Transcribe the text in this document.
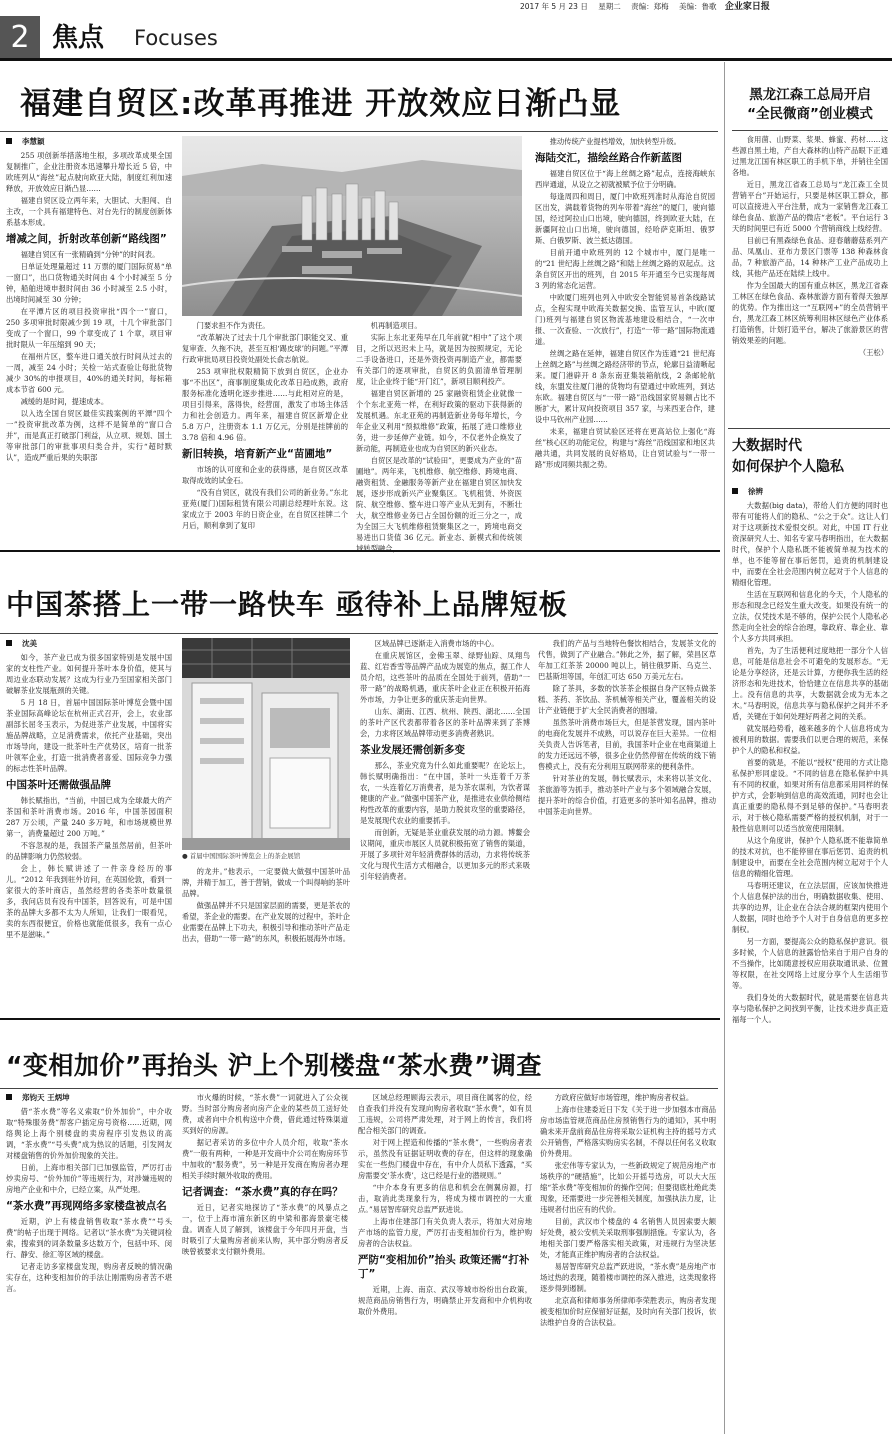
2017 年 5 月 23 日 星期二 责编：郑梅 美编：鲁歌 企业家日报
2 焦点	Focuses
福建自贸区:改革再推进 开放效应日渐凸显
李慧颖
255 项创新举措落地生根，多项改革成果全国复制推广，企业注册资本迅速攀升增长近 5 倍，中欧班列从“海丝”起点驶向欧亚大陆，制度红利加速释放，开放效应日渐凸显……
福建自贸区设立两年来，大胆试、大胆闯、自主改，一个具有福建特色、对台先行的制度创新体系基本形成。
增减之间，折射改革创新“路线图”
福建自贸区有一张精确到“分钟”的时间表。
日单证处理量超过 11 万票的厦门国际贸易“单一窗口”，出口货物通关时间由 4 个小时减至 5 分钟，船舶进境申报时间由 36 小时减至 2.5 小时，出境时间减至 30 分钟；
在平潭片区的项目投资审批“四个一”窗口，250 多项审批时限减少到 19 项，十几个审批部门变成了一个窗口，99 个章变成了 1 个章，项目审批时限从一年压缩到 90 天；
在福州片区，整车进口通关放行时间从过去的一周，减至 24 小时；关检一站式查验让每批货物减少 30%的申报项目，40%的通关时间，每标箱成本节省 600 元。
减缓的是时间，提速成本。
以入选全国自贸区最佳实践案例的平潭“四个一”投资审批改革为例，这样不是简单的“窗口合并”，而是真正打破部门利益，从立项、规划、国土等审批部门的审批事项归类合并，实行“超时默认”，造成严重后果的失职部
门要求担不作为责任。
“改革解决了过去十几个审批部门职能交叉、重复审查、久拖不决，甚至互相‘踢皮球’的问题。”平潭行政审批局项目投资处副处长俞志航说。
253 项审批权限精简下放到自贸区，企业办事“不出区”，商事制度集成化改革日趋成熟，政府服务标准化透明化逐步推进……与此相对应的是，项目引得来，落得快，经营面，激发了市场主体活力和社会创造力。两年来，福建自贸区新增企业 5.8 万户，注册资本 1.1 万亿元，分别是挂牌前的 3.78 倍和 4.96 倍。
新旧转换，培育新产业“苗圃地”
市场的认可度和企业的获得感，是自贸区改革取得成效的试金石。
“没有自贸区，就没有我们公司的新业务。”东北亚苑(厦门)国际租赁有限公司副总经理叶东说。这家成立于 2003 年的日资企业，在自贸区挂牌二个月后，顺利拿到了复印
机再制造项目。
实际上东北亚苑早在几年前就“相中”了这个项目，之所以迟迟未上马，就是因为按照规定，无论二手设备进口，还是外资投资再制造产业，都需要有关部门的逐项审批，自贸区的负面清单管理制度，让企业终于能“开门红”，新项目顺利投产。
福建自贸区新增的 25 家融资租赁企业就像一个个东北亚苑一样，在利好政策的驱动下获得新的发展机遇。东北亚苑的再制造新业务每年增长，今年企业又利用“预拟维修”政策，拓展了进口维修业务，进一步延伸产业链。如今，不仅老外企焕发了新动能，再制造业也成为自贸区的新兴业态。
自贸区是改革的“试验田”，更要成为产业的“苗圃地”。两年来，飞机维修、航空维修、跨境电商、融资租赁、金融服务等新产业在福建自贸区加快发展，逐步形成新兴产业聚集区。飞机租赁、外资医院、航空维修、整车进口等产业从无到有，不断壮大，航空维修业务已占全国份额的近三分之一，成为全国三大飞机维修租赁聚集区之一，跨境电商交易进出口货值 36 亿元。新业态、新模式和传统领域转型融合，
推动传统产业提档增效，加快转型升级。
海陆交汇，描绘丝路合作新蓝图
福建自贸区位于“海上丝绸之路”起点，连接海峡东西岸通道，从设立之初就被赋予位于分明确。
每逢周四和周日，厦门中欧班列准时从海沧自贸园区出发，满载着货物的列车带着“海丝”的厦门，驶向德国，经过阿拉山口出境，驶向德国，终到欧亚大陆，在新疆阿拉山口出境，驶向德国，经哈萨克斯坦、俄罗斯、白俄罗斯、波兰抵达德国。
目前开通中欧班列的 12 个城市中，厦门是唯一的“21 世纪海上丝绸之路”和陆上丝绸之路的双起点。这条自贸区开出的班列，自 2015 年开通至今已实现每周 3 列的常态化运营。
中欧厦门班列也列入中欧安全智能贸易首条线路试点，全程实现中欧海关数据交换、监管互认，中欧(厦门)班列与福建自贸区物流基地建设相结合，“一次申报、一次查验、一次放行”，打造“一带一路”国际物流通道。
丝绸之路在延伸，福建自贸区作为连通“21 世纪海上丝绸之路”与丝绸之路经济带的节点，轮廓日益清晰起来。厦门港辟开 8 条东南亚集装箱航线，2 条邮轮航线，东盟发往厦门港的货物均有望通过中欧班列，到达东欧。福建自贸区与“一带一路”沿线国家贸易额占比不断扩大，累计双向投资项目 357 家，与来西亚合作，建设中马钦州产业园……
未来，福建自贸试验区还将在更高站位上强化“海丝”核心区的功能定位，构建与“海丝”沿线国家和地区共融共通，共同发展的良好格局，让自贸试验与“一带一路”形成同频共振之势。
黑龙江森工总局开启
“全民微商”创业模式
食用菌、山野菜、浆果、蜂蜜、药材……这些源自黑土地，产自大森林的山特产品眼下正通过黑龙江国有林区职工的手机下单，并销往全国各地。
近日，黑龙江省森工总局与“龙江森工全员营销平台”开始运行，只要是林区职工群众，都可以直接进入平台注册，成为一家销售龙江森工绿色食品、旅游产品的微店“老板”。平台运行 3 天的时间里已有近 5000 个营销商线上线经营。
目前已有黑森绿色食品、迎春蘑蘑菇系列产品、凤凰山、亚布力景区门票等 138 种森林食品，7 种旅游产品，14 种林产工业产品成功上线，其他产品还在陆续上线中。
作为全国最大的国有重点林区，黑龙江省森工林区在绿色食品、森林旅游方面有着得天独厚的优势。作为推出这一“互联网+”的全员营销平台，黑龙江森工林区统筹利用林区绿色产业体系打造销售，计划打造平台，解决了旅游景区的营销效果差的问题。
（王松）
大数据时代
如何保护个人隐私
徐辨
大数据(big data)，带给人们方便的同时也带有可能将人们的隐私、“公之于众”。这让人们对于这项新技术爱恨交织。对此，中国 IT 行业资深研究人士、知名专家马春明指出，在大数据时代，保护个人隐私既不能被简单视为技术的单，也不能等留在事后惩罚，追责的机制建设中，而要在全社会范围内树立起对于个人信息的精细化管理。
生活在互联网和信息化的今天，个人隐私的形态和现念已经发生重大改变。如果没有统一的立法，仅凭技术是不够的，保护公民个人隐私必然走向全社会的综合治理，靠政府、靠企业、靠个人多方共同承担。
首先，为了生活便利过度地把一部分个人信息，可能是信息社会不可避免的发展形态。“无论是分享经济，还是云计算，方便你我生活的经济形态和先进技术，恰恰建立在信息共享的基础上。没有信息的共享，大数据就会成为无本之木。”马春明说，信息共享与隐私保护之间并不矛盾，关键在于如何处理好两者之间的关系。
就发展趋势看，越来越多的个人信息将成为被利用的数据。需要我们以更合理的规范，来保护个人的隐私和权益。
首要的就是，不能以“授权”使用的方式让隐私保护形同虚设。“不同的信息在隐私保护中具有不同的权重，如果对所有信息都采用同样的保护方式，会影响到信息的高效流通，同时也会让真正重要的隐私得不到足够的保护。”马春明表示，对于核心隐私需要严格的授权机制，对于一般性信息则可以适当放宽使用限制。
从这个角度讲，保护个人隐私既不能靠简单的技术对抗，也不能停留在事后惩罚、追责的机制建设中，而要在全社会范围内树立起对于个人信息的精细化管理。
马春明还建议，在立法层面，应该加快推进个人信息保护法的出台，明确数据收集、使用、共享的边界，让企业在合法合规的框架内使用个人数据，同时也给予个人对于自身信息的更多控制权。
另一方面，要提高公众的隐私保护意识。很多时候，个人信息的泄露恰恰来自于用户自身的不当操作，比如随意授权应用获取通讯录、位置等权限，在社交网络上过度分享个人生活细节等。
我们身处的大数据时代，就是需要在信息共享与隐私保护之间找到平衡，让技术进步真正造福每一个人。
中国茶搭上一带一路快车 亟待补上品牌短板
沈美
如今，茶产业已成为很多国家特别是发展中国家的支柱性产业。如何提升茶叶本身价值，使其与周边业态联动发展？这成为行业乃至国家相关部门破解茶业发展瓶颈的关键。
5 月 18 日，首届中国国际茶叶博览会暨中国茶业国际高峰论坛在杭州正式召开，会上，农业部副部长屈冬玉表示，为促进茶产业发展，中国将实施品牌战略，立足消费需求，依托产业基础，突出市场导向，建设一批茶叶生产优势区，培育一批茶叶领军企业，打造一批消费者喜爱、国际竞争力强的标志性茶叶品牌。
中国茶叶还需做强品牌
韩长赋指出，“当前，中国已成为全球最大的产茶国和茶叶消费市场。2016 年，中国茶园面积 287 万公顷，产量 240 多万吨，和市场规模世界第一，消费量超过 200 万吨。”
不容忽视的是，我国茶产量虽然居前，但茶叶的品牌影响力仍然较弱。
会上，韩长赋讲述了一件亲身经历的事儿。“2012 年我到驻外访问，在英国伦敦，看到一家很大的茶叶商店，虽然经营的各类茶叶数量很多，我问店员有没有中国茶，回答说有，可是中国茶的品牌大多都不太为人所知，让我们一眼看见，卖的东西很便宜，价格也就能低很多，我有一点心里不是滋味。”
● 首届中国国际茶叶博览会上的茶企展馆
的龙井。”他表示，一定要做大做强中国茶叶品牌，并精于加工，善于营销，做成一个叫得响的茶叶品牌。
做强品牌并不只是国家层面的需要，更是茶农的希望，茶企业的需要。在产业发展的过程中，茶叶企业需要在品牌上下功夫，积极引导和推动茶叶产品走出去，借助“一带一路”的东风，积极拓展海外市场。
区域品牌已逐渐走入消费市场的中心。
在重庆展馆区，金佛玉翠、绿野仙踪、凤翔鸟蓝、红岩香雪等品牌产品成为展览的焦点，据工作人员介绍，这些茶叶的品质在全国处于前列，借助“一带一路”的战略机遇，重庆茶叶企业正在积极开拓海外市场，力争让更多的重庆茶走向世界。
山东、湖南、江西、杭州、陕西、湖北……全国的茶叶产区代表都带着各区的茶叶品牌来到了茶博会，力求将区域品牌带动更多消费者熟识。
茶业发展还需创新多变
那么，茶业究竟为什么如此重要呢？在论坛上，韩长赋明确指出：“在中国，茶叶一头连着千万茶农，一头连着亿万消费者，是为茶农谋利，为饮者谋健康的产业。”做强中国茶产业，是推进农业供给侧结构性改革的重要内容，是助力脱贫攻坚的重要路径，是发展现代农业的重要抓手。
而创新，无疑是茶业重获发展的动力源。博鳌会议期间，重庆市展区人员就积极拓宽了销售的渠道，开展了多项针对年轻消费群体的活动，力求将传统茶文化与现代生活方式相融合，以更加多元的形式来吸引年轻消费者。
我们的产品与当地特色餐饮相结合，发展茶文化的代售，做到了产业融合。”韩此之外，据了解，荣昌区草年加工红茶茶 20000 吨以上，销往俄罗斯、乌克兰、巴基斯坦等国，年创汇可达 650 万美元左右。
除了茶具，多数的饮茶茶企根据自身产区特点做茶糕、茶药、茶饮品、茶机械等相关产业，覆盖相关的设计产业链便于扩大全民消费者的围墙。
虽然茶叶消费市场巨大，但是茶营发现，国内茶叶的电商化发展并不成熟，可以说存在巨大差异。一位相关负责人告诉笔者，目前，我国茶叶企业在电商渠道上的发力还远远不够，很多企业仍然停留在传统的线下销售模式上，没有充分利用互联网带来的便利条件。
针对茶业的发展，韩长赋表示，未来将以茶文化、茶旅游等为抓手，推动茶叶产业与多个领域融合发展，提升茶叶的综合价值，打造更多的茶叶知名品牌，推动中国茶走向世界。
“变相加价”再抬头 沪上个别楼盘“茶水费”调查
郑钧天 王炳坤
借“茶水费”等名义索取“价外加价”，中介收取“特殊服务费”帮客户插定房号资格……近期，网络舆论上海个别楼盘的卖房程序引发热议的高调，“茶水费”“号头费”成为热议的话题，引发网友对楼盘销售的价外加价现象的关注。
日前，上海市相关部门已加强监管，严厉打击炒卖房号、“价外加价”等违规行为，对涉嫌违规的房地产企业和中介，已经立案，从严处理。
“茶水费”再现网络多家楼盘被点名
近期，沪上有楼盘销售收取“茶水费”“号头费”的帖子出现于网络。记者以“茶水费”为关键词检索，搜索到的词条数量多达数万个，包括中环、闵行、静安、徐汇等区域的楼盘。
记者走访多家楼盘发现，购房者反映的情况确实存在，这种变相加价的手法让刚需购房者苦不堪言。
市火爆的时候，“茶水费”一词就进入了公众视野。当时部分购房者向房产企业的某些员工送好处费，或者向中介机构送中介费，借此通过特殊渠道买到好的房源。
据记者采访的多位中介人员介绍，收取“茶水费”一般有两种，一种是开发商中介公司在购房环节中加收的“服务费”，另一种是开发商在购房者办理相关手续时额外收取的费用。
记者调查：“茶水费”真的存在吗？
近日，记者实地探访了“茶水费”的风暴点之一，位于上海市浦东新区的中梁和都海景豪宅楼盘。调查人员了解到，该楼盘于今年四月开盘，当时吸引了大量购房者前来认购，其中部分购房者反映曾被要求支付额外费用。
区域总经理顾海云表示，项目商住属客的位，经自查我们并没有发现向购房者收取“茶水费”，如有员工违规，公司将严肃处理，对于网上的传言，我们将配合相关部门的调查。
对于网上捏造和传播的“茶水费”，一些购房者表示，虽然没有证据证明收费的存在，但这样的现象确实在一些热门楼盘中存在，有中介人员私下透露，“买房需要交‘茶水费’，这已经是行业的潜规则。”
“中介本身有更多的信息和机会在侧翼房源，打击，取消此类现象行为，将成为楼市调控的一大重点。”易居智库研究总监严跃进说。
上海市住建部门有关负责人表示，将加大对房地产市场的监管力度，严厉打击变相加价行为，维护购房者的合法权益。
严防“变相加价”抬头 政策还需“打补丁”
近期，上海、南京、武汉等城市纷纷出台政策，规范商品房销售行为，明确禁止开发商和中介机构收取价外费用。
方政府应做好市场管理，维护购房者权益。
上海市住建委近日下发《关于进一步加强本市商品房市场监管规范商品住房预销售行为的通知》，其中明确未来开盘前商品住房将采取公证机构主持的摇号方式公开销售，严格落实购房实名制，不得以任何名义收取价外费用。
张宏伟等专家认为，一些新政规定了规范房地产市场秩序的“硬措施”，比如公开摇号选房，可以大大压缩“茶水费”等变相加价的操作空间；但要彻底杜绝此类现象，还需要进一步完善相关制度，加强执法力度，让违规者付出应有的代价。
目前，武汉市个楼盘的 4 名销售人员因索要大额好处费，被公安机关采取刑事强制措施。专家认为，各地相关部门要严格落实相关政策，对违规行为坚决惩处，才能真正维护购房者的合法权益。
易居智库研究总监严跃进说，“茶水费”是房地产市场过热的表现，随着楼市调控的深入推进，这类现象将逐步得到遏制。
北京高和律师事务所律师李荣胜表示，购房者发现被变相加价时应保留好证据，及时向有关部门投诉，依法维护自身的合法权益。
